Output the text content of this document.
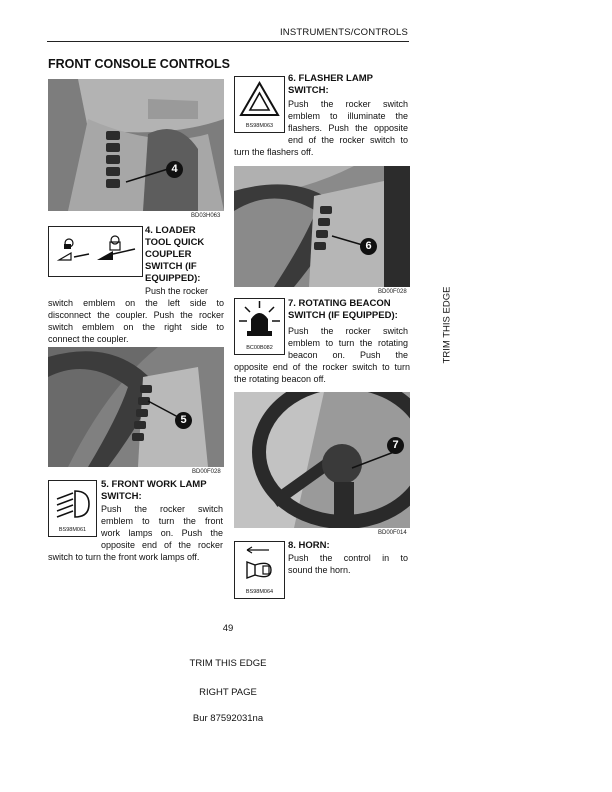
INSTRUMENTS/CONTROLS
FRONT CONSOLE CONTROLS
4
BD03H063
4. LOADER
TOOL QUICK
COUPLER
SWITCH (IF
EQUIPPED):
Push the rocker
switch emblem on the left side to
disconnect the coupler. Push the rocker
switch emblem on the right side to
connect the coupler.
5
BD00F028
BS98M061
5. FRONT WORK LAMP
SWITCH:
Push the rocker switch
emblem to turn the front
work lamps on. Push the
opposite end of the rocker
switch to turn the front work lamps off.
BS98M063
6. FLASHER LAMP
SWITCH:
Push the rocker switch
emblem to illuminate the
flashers. Push the opposite
end of the rocker switch to
turn the flashers off.
6
BD00F028
BC00B082
7. ROTATING BEACON
SWITCH (IF EQUIPPED):
Push the rocker switch
emblem to turn the rotating
beacon on. Push the
opposite end of the rocker switch to turn
the rotating beacon off.
7
BD00F014
BS98M064
8. HORN:
Push the control in to
sound the horn.
TRIM THIS EDGE
49
TRIM THIS EDGE
RIGHT PAGE
Bur 87592031na
